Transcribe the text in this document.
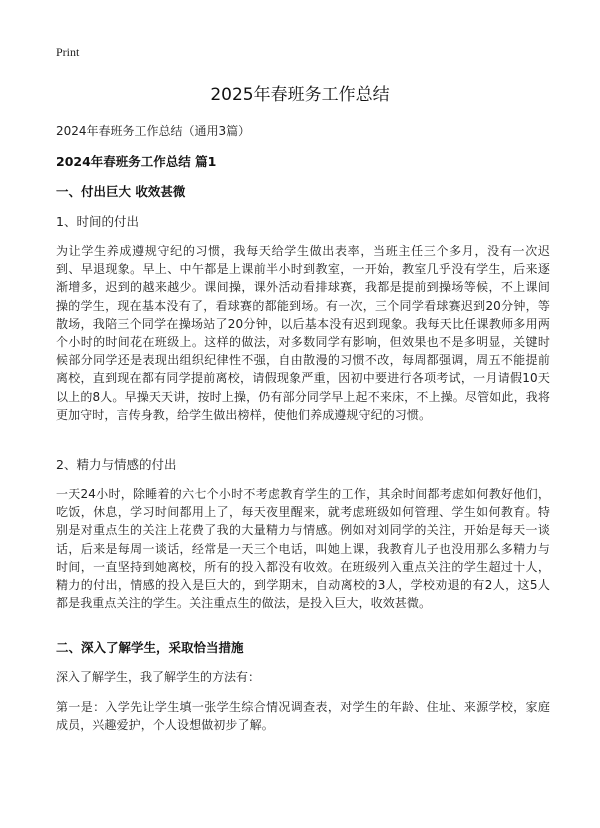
Print
2025年春班务工作总结
2024年春班务工作总结（通用3篇）
2024年春班务工作总结 篇1
一、付出巨大 收效甚微
1、时间的付出
为让学生养成遵规守纪的习惯，我每天给学生做出表率，当班主任三个多月，没有一次迟到、早退现象。早上、中午都是上课前半小时到教室，一开始，教室几乎没有学生，后来逐渐增多，迟到的越来越少。课间操，课外活动看排球赛，我都是提前到操场等候，不上课间操的学生，现在基本没有了，看球赛的都能到场。有一次，三个同学看球赛迟到20分钟，等散场，我陪三个同学在操场站了20分钟，以后基本没有迟到现象。我每天比任课教师多用两个小时的时间花在班级上。这样的做法，对多数同学有影响，但效果也不是多明显，关键时候部分同学还是表现出组织纪律性不强，自由散漫的习惯不改，每周都强调，周五不能提前离校，直到现在都有同学提前离校，请假现象严重，因初中要进行各项考试，一月请假10天以上的8人。早操天天讲，按时上操，仍有部分同学早上起不来床，不上操。尽管如此，我将更加守时，言传身教，给学生做出榜样，使他们养成遵规守纪的习惯。
2、精力与情感的付出
一天24小时，除睡着的六七个小时不考虑教育学生的工作，其余时间都考虑如何教好他们，吃饭，休息，学习时间都用上了，每天夜里醒来，就考虑班级如何管理、学生如何教育。特别是对重点生的关注上花费了我的大量精力与情感。例如对刘同学的关注，开始是每天一谈话，后来是每周一谈话，经常是一天三个电话，叫她上课，我教育儿子也没用那么多精力与时间，一直坚持到她离校，所有的投入都没有收效。在班级列入重点关注的学生超过十人，精力的付出，情感的投入是巨大的，到学期末，自动离校的3人，学校劝退的有2人，这5人都是我重点关注的学生。关注重点生的做法，是投入巨大，收效甚微。
二、深入了解学生，采取恰当措施
深入了解学生，我了解学生的方法有：
第一是：入学先让学生填一张学生综合情况调查表，对学生的年龄、住址、来源学校，家庭成员，兴趣爱护，个人设想做初步了解。
